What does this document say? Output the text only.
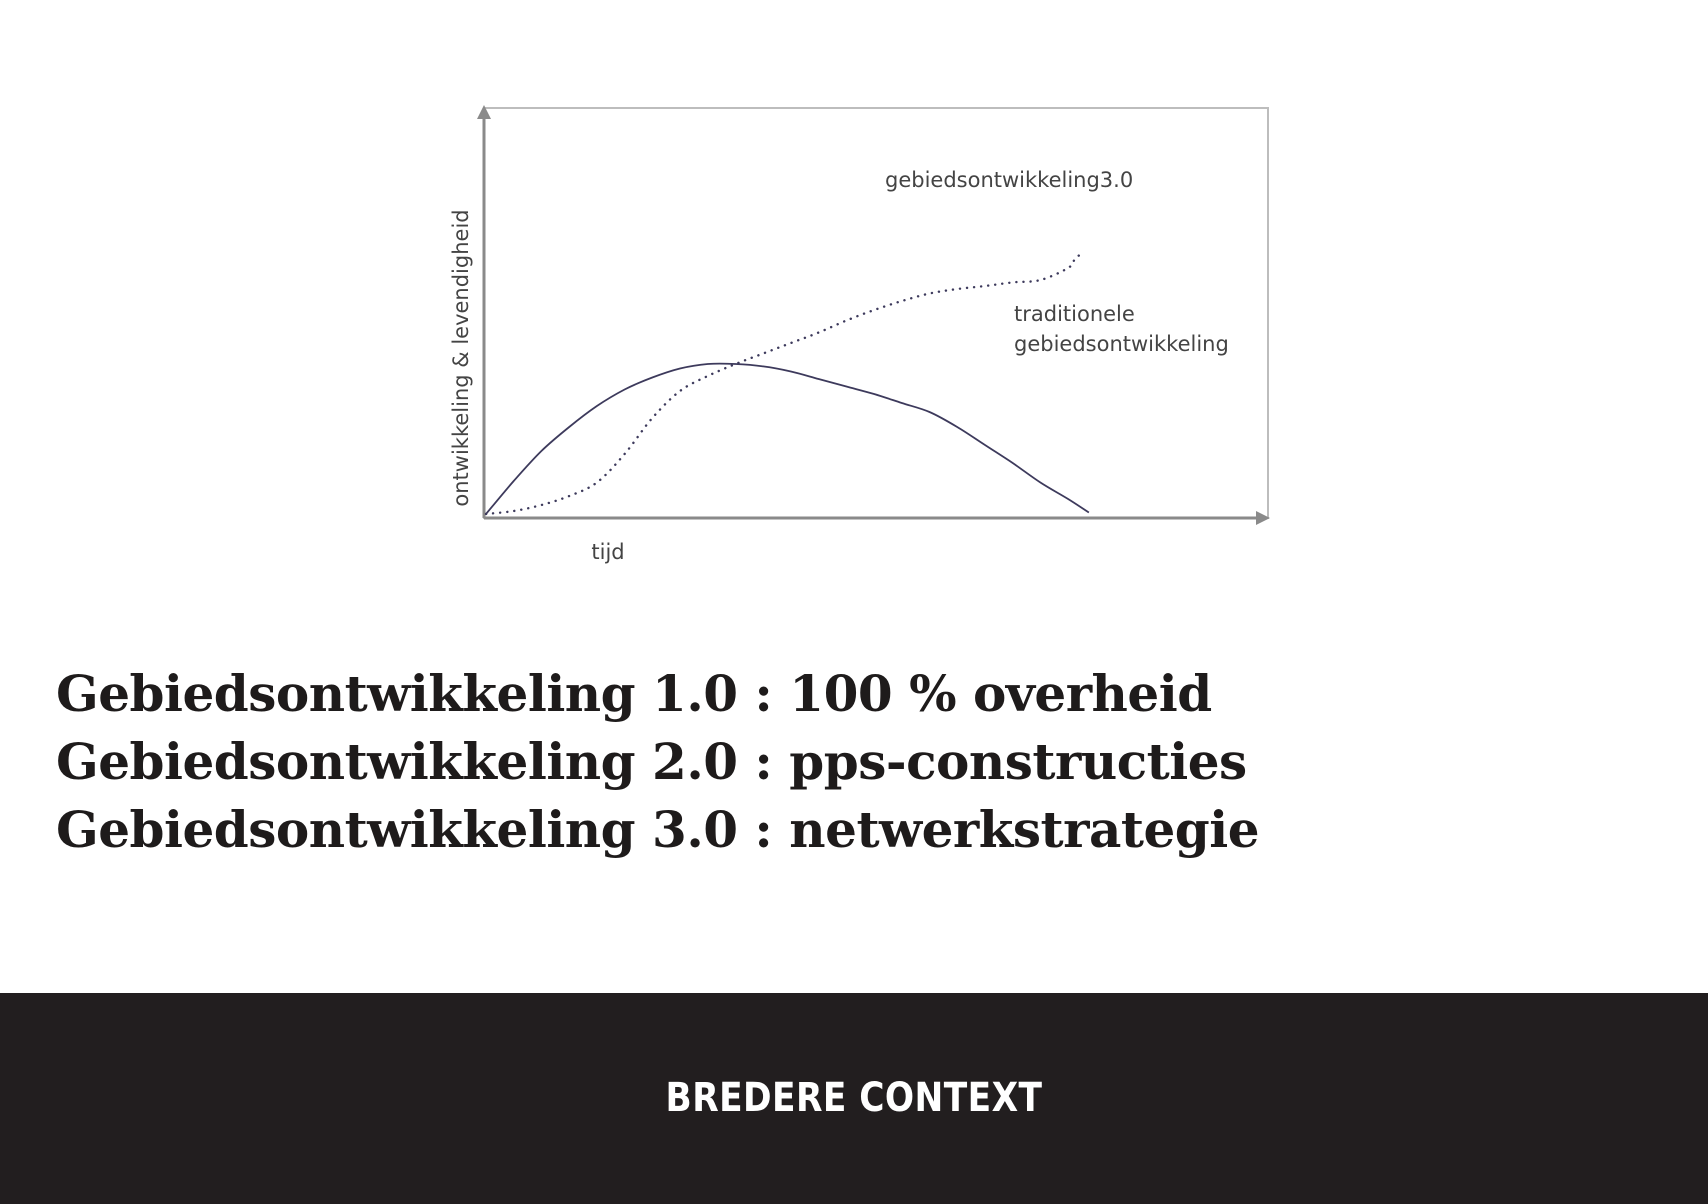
tijd
ontwikkeling & levendigheid
gebiedsontwikkeling3.0
traditionele gebiedsontwikkeling
Gebiedsontwikkeling 1.0 : 100 % overheid
Gebiedsontwikkeling 2.0 : pps-constructies
Gebiedsontwikkeling 3.0 : netwerkstrategie
BREDERE CONTEXT
